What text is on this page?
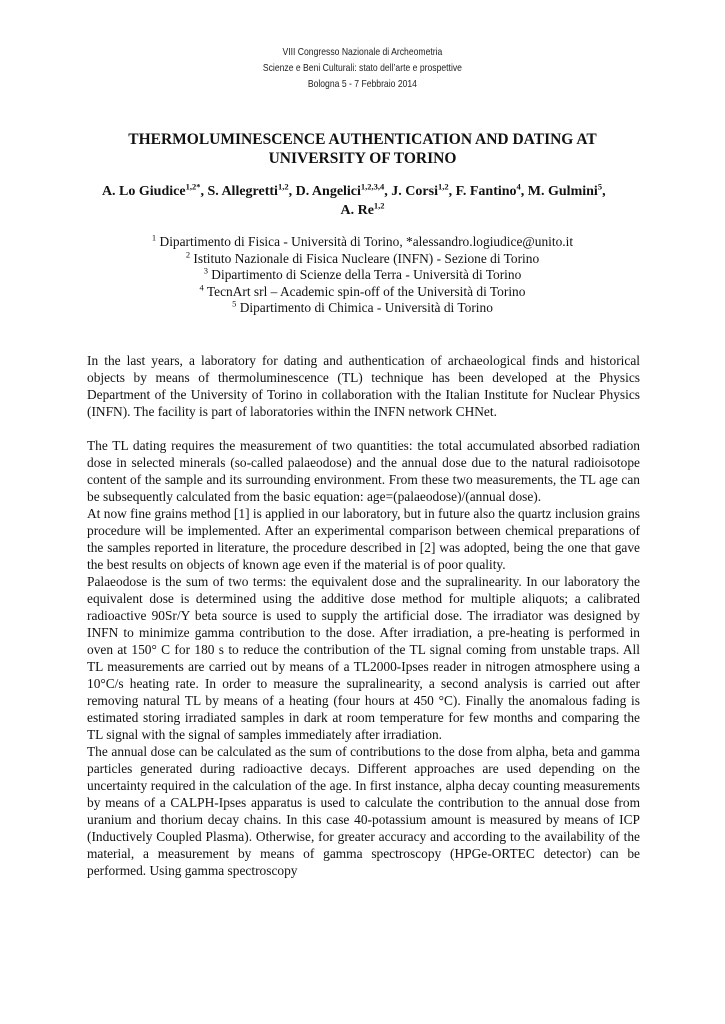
VIII Congresso Nazionale di Archeometria
Scienze e Beni Culturali: stato dell’arte e prospettive
Bologna 5 - 7 Febbraio 2014
THERMOLUMINESCENCE AUTHENTICATION AND DATING AT
UNIVERSITY OF TORINO
A. Lo Giudice$^{1,2*}$, S. Allegretti$^{1,2}$, D. Angelici$^{1,2,3,4}$, J. Corsi$^{1,2}$, F. Fantino$^4$, M. Gulmini$^5$,      A. Re$^{1,2}$
$^1$ Dipartimento di Fisica - Università di Torino, *alessandro.logiudice@unito.it
$^2$ Istituto Nazionale di Fisica Nucleare (INFN) - Sezione di Torino
$^3$ Dipartimento di Scienze della Terra - Università di Torino
$^4$ TecnArt srl – Academic spin-off of the Università di Torino
$^5$ Dipartimento di Chimica - Università di Torino

In the last years, a laboratory for dating and authentication of archaeological finds and historical objects by means of thermoluminescence (TL) technique has been developed at the Physics Department of the University of Torino in collaboration with the Italian Institute for Nuclear Physics (INFN). The facility is part of laboratories within the INFN network CHNet.

The TL dating requires the measurement of two quantities: the total accumulated absorbed radiation dose in selected minerals (so-called palaeodose) and the annual dose due to the natural radioisotope content of the sample and its surrounding environment. From these two measurements, the TL age can be subsequently calculated from the basic equation: age=(palaeodose)/(annual dose).

At now fine grains method [1] is applied in our laboratory, but in future also the quartz inclusion grains procedure will be implemented. After an experimental comparison between chemical preparations of the samples reported in literature, the procedure described in [2] was adopted, being the one that gave the best results on objects of known age even if the material is of poor quality.

Palaeodose is the sum of two terms: the equivalent dose and the supralinearity. In our laboratory the equivalent dose is determined using the additive dose method for multiple aliquots; a calibrated radioactive 90Sr/Y beta source is used to supply the artificial dose. The irradiator was designed by INFN to minimize gamma contribution to the dose. After irradiation, a pre-heating is performed in oven at 150° C for 180 s to reduce the contribution of the TL signal coming from unstable traps. All TL measurements are carried out by means of a TL2000-Ipses reader in nitrogen atmosphere using a 10°C/s heating rate. In order to measure the supralinearity, a second analysis is carried out after removing natural TL by means of a heating (four hours at 450 °C). Finally the anomalous fading is estimated storing irradiated samples in dark at room temperature for few months and comparing the TL signal with the signal of samples immediately after irradiation.

The annual dose can be calculated as the sum of contributions to the dose from alpha, beta and gamma particles generated during radioactive decays. Different approaches are used depending on the uncertainty required in the calculation of the age. In first instance, alpha decay counting measurements by means of a CALPH-Ipses apparatus is used to calculate the contribution to the annual dose from uranium and thorium decay chains. In this case 40-potassium amount is measured by means of ICP (Inductively Coupled Plasma). Otherwise, for greater accuracy and according to the availability of the material, a measurement by means of gamma spectroscopy (HPGe-ORTEC detector) can be performed. Using gamma spectroscopy
